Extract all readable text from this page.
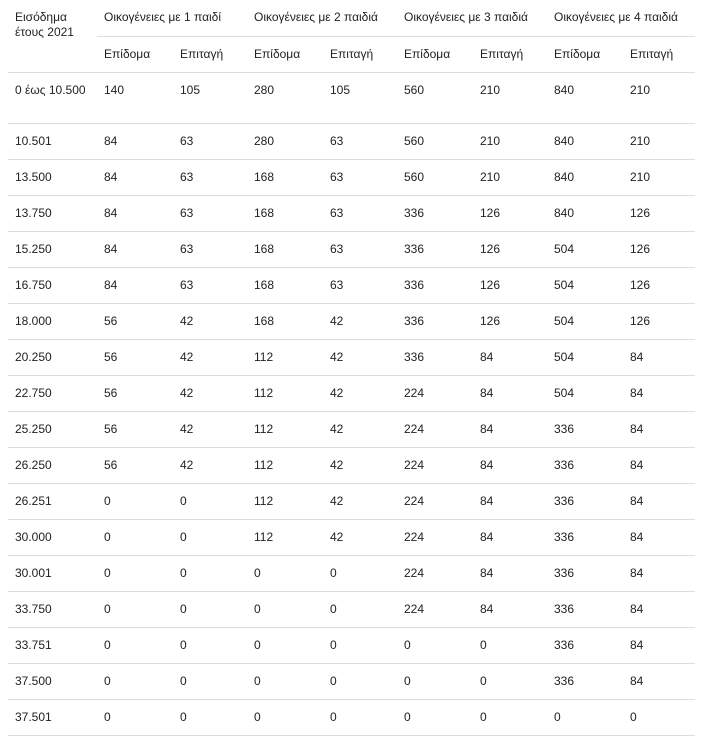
Εισόδημα έτους 2021	Οικογένειες με 1 παιδί		Οικογένειες με 2 παιδιά		Οικογένειες με 3 παιδιά		Οικογένειες με 4 παιδιά	
	Επίδομα	Επιταγή	Επίδομα	Επιταγή	Επίδομα	Επιταγή	Επίδομα	Επιταγή
0 έως 10.500	140	105	280	105	560	210	840	210
10.501	84	63	280	63	560	210	840	210
13.500	84	63	168	63	560	210	840	210
13.750	84	63	168	63	336	126	840	126
15.250	84	63	168	63	336	126	504	126
16.750	84	63	168	63	336	126	504	126
18.000	56	42	168	42	336	126	504	126
20.250	56	42	112	42	336	84	504	84
22.750	56	42	112	42	224	84	504	84
25.250	56	42	112	42	224	84	336	84
26.250	56	42	112	42	224	84	336	84
26.251	0	0	112	42	224	84	336	84
30.000	0	0	112	42	224	84	336	84
30.001	0	0	0	0	224	84	336	84
33.750	0	0	0	0	224	84	336	84
33.751	0	0	0	0	0	0	336	84
37.500	0	0	0	0	0	0	336	84
37.501	0	0	0	0	0	0	0	0
